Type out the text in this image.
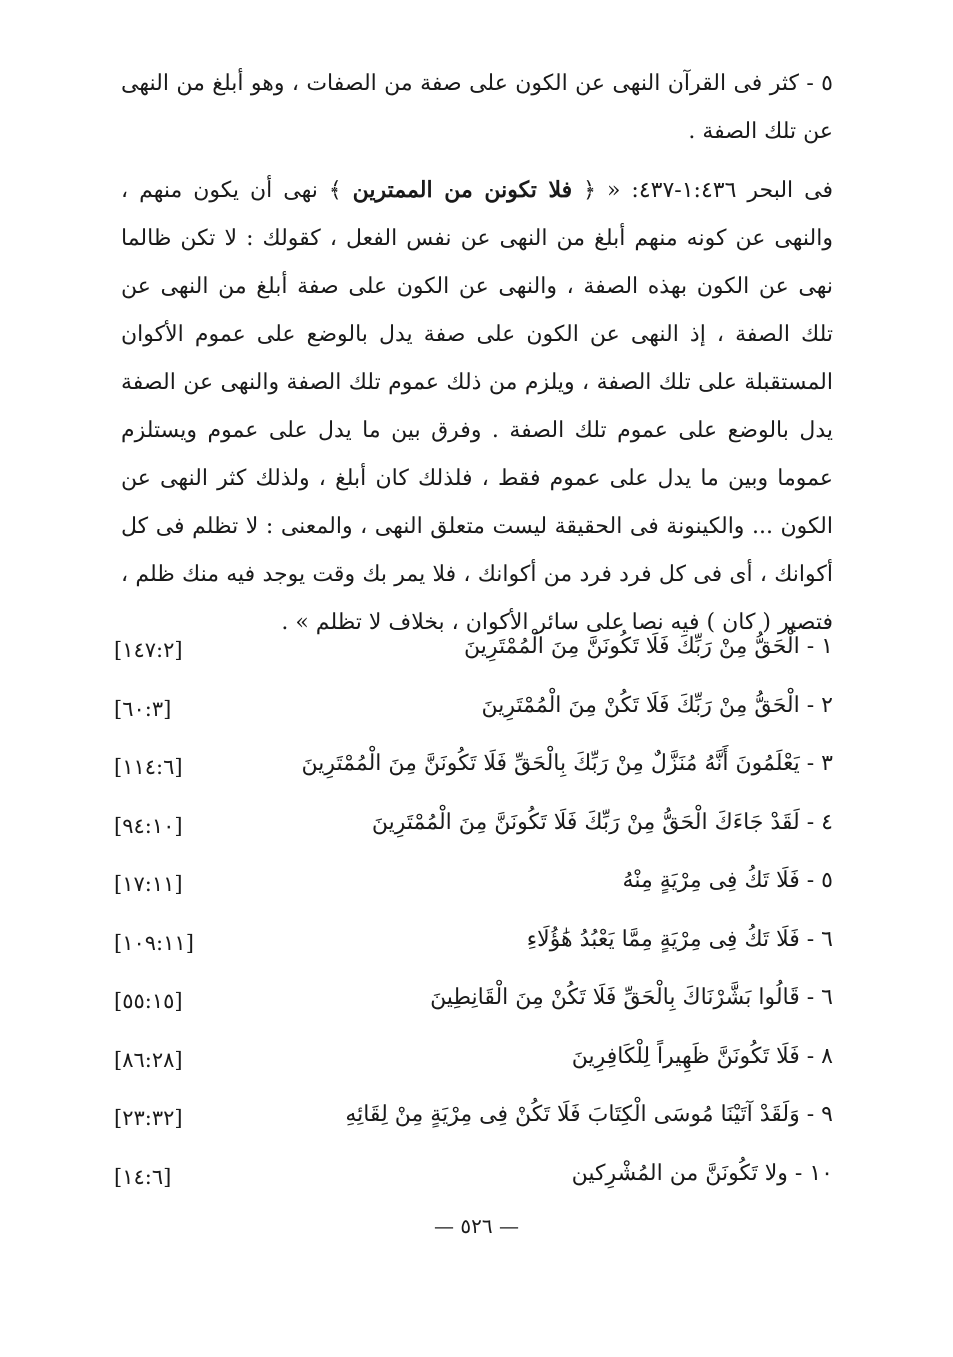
٥ - كثر فى القرآن النهى عن الكون على صفة من الصفات ، وهو أبلغ من النهى عن تلك الصفة .

فى البحر ١:٤٣٦-٤٣٧: « ﴿ فلا تكونن من الممترين ﴾ نهى أن يكون منهم ، والنهى عن كونه منهم أبلغ من النهى عن نفس الفعل ، كقولك : لا تكن ظالما نهى عن الكون بهذه الصفة ، والنهى عن الكون على صفة أبلغ من النهى عن تلك الصفة ، إذ النهى عن الكون على صفة يدل بالوضع على عموم الأكوان المستقبلة على تلك الصفة ، ويلزم من ذلك عموم تلك الصفة والنهى عن الصفة يدل بالوضع على عموم تلك الصفة . وفرق بين ما يدل على عموم ويستلزم عموما وبين ما يدل على عموم فقط ، فلذلك كان أبلغ ، ولذلك كثر النهى عن الكون ... والكينونة فى الحقيقة ليست متعلق النهى ، والمعنى : لا تظلم فى كل أكوانك ، أى فى كل فرد فرد من أكوانك ، فلا يمر بك وقت يوجد فيه منك ظلم ، فتصير ( كان ) فيه نصا على سائر الأكوان ، بخلاف لا تظلم » .

١ - الْحَقُّ مِنْ رَبِّكَ فَلَا تَكُونَنَّ مِنَ الْمُمْتَرِينَ
[١٤٧:٢]
٢ - الْحَقُّ مِنْ رَبِّكَ فَلَا تَكُنْ مِنَ الْمُمْتَرِينَ
[٦٠:٣]
٣ - يَعْلَمُونَ أَنَّهُ مُنَزَّلٌ مِنْ رَبِّكَ بِالْحَقِّ فَلَا تَكُونَنَّ مِنَ الْمُمْتَرِينَ
[١١٤:٦]
٤ - لَقَدْ جَاءَكَ الْحَقُّ مِنْ رَبِّكَ فَلَا تَكُونَنَّ مِنَ الْمُمْتَرِينَ
[٩٤:١٠]
٥ - فَلَا تَكُ فِى مِرْيَةٍ مِنْهُ
[١٧:١١]
٦ - فَلَا تَكُ فِى مِرْيَةٍ مِمَّا يَعْبُدُ هَٰؤُلَاءِ
[١٠٩:١١]
٦ - قَالُوا بَشَّرْنَاكَ بِالْحَقِّ فَلَا تَكُنْ مِنَ الْقَانِطِينَ
[٥٥:١٥]
٨ - فَلَا تَكُونَنَّ ظَهِيراً لِلْكَافِرِينَ
[٨٦:٢٨]
٩ - وَلَقَدْ آتَيْنَا مُوسَى الْكِتَابَ فَلَا تَكُنْ فِى مِرْيَةٍ مِنْ لِقَائِهِ
[٢٣:٣٢]
١٠ - ولا تَكُونَنَّ من المُشْرِكين
[١٤:٦]
— ٥٢٦ —
